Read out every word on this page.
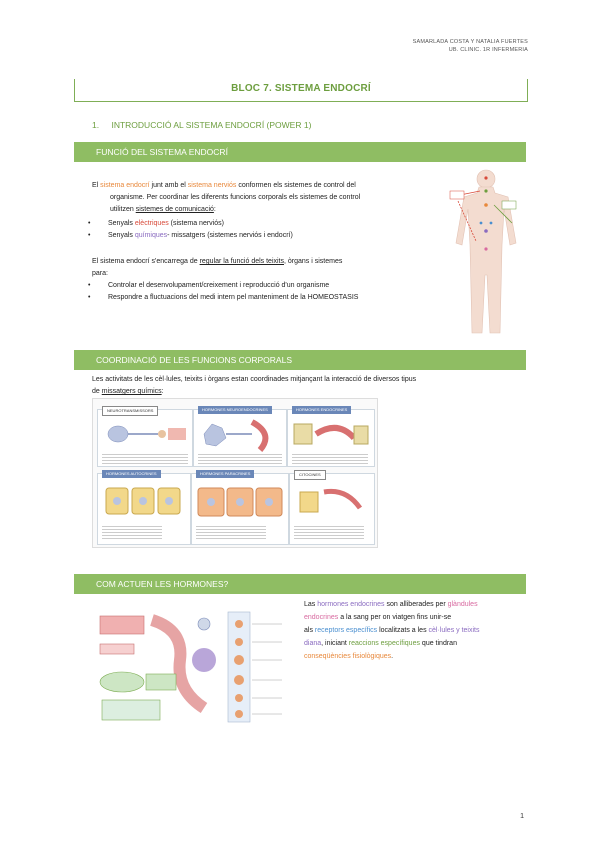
SAMARLADA COSTA Y NATALIA FUERTES
UB. CLINIC. 1R INFERMERIA
BLOC 7. SISTEMA ENDOCRÍ
1. INTRODUCCIÓ AL SISTEMA ENDOCRÍ (POWER 1)
FUNCIÓ DEL SISTEMA ENDOCRÍ
El sistema endocrí junt amb el sistema nerviós conformen els sistemes de control del
organisme. Per coordinar les diferents funcions corporals els sistemes de control
utilitzen sistemes de comunicació:
• Senyals elèctriques (sistema nerviós)
• Senyals químiques- missatgers (sistemes nerviós i endocrí)
El sistema endocrí s'encarrega de regular la funció dels teixits, òrgans i sistemes
para:
• Controlar el desenvolupament/creixement i reproducció d'un organisme
• Respondre a fluctuacions del medi intern pel manteniment de la HOMEOSTASIS
COORDINACIÓ DE LES FUNCIONS CORPORALS
Les activitats de les cèl·lules, teixits i òrgans estan coordinades mitjançant la interacció de diversos tipus
de missatgers químics:
NEUROTRANSMISSORS	HORMONES NEUROENDOCRINES	HORMONES ENDOCRINES
HORMONES AUTOCRINES	HORMONES PARACRINES	CITOCINES
COM ACTUEN LES HORMONES?
Las hormones endocrines son alliberades per glàndules
endocrines a la sang per on viatgen fins unir-se
als receptors específics localitzats a les cèl·lules y teixits
diana, iniciant reaccions específiques que tindran
conseqüències fisiològiques.
1
